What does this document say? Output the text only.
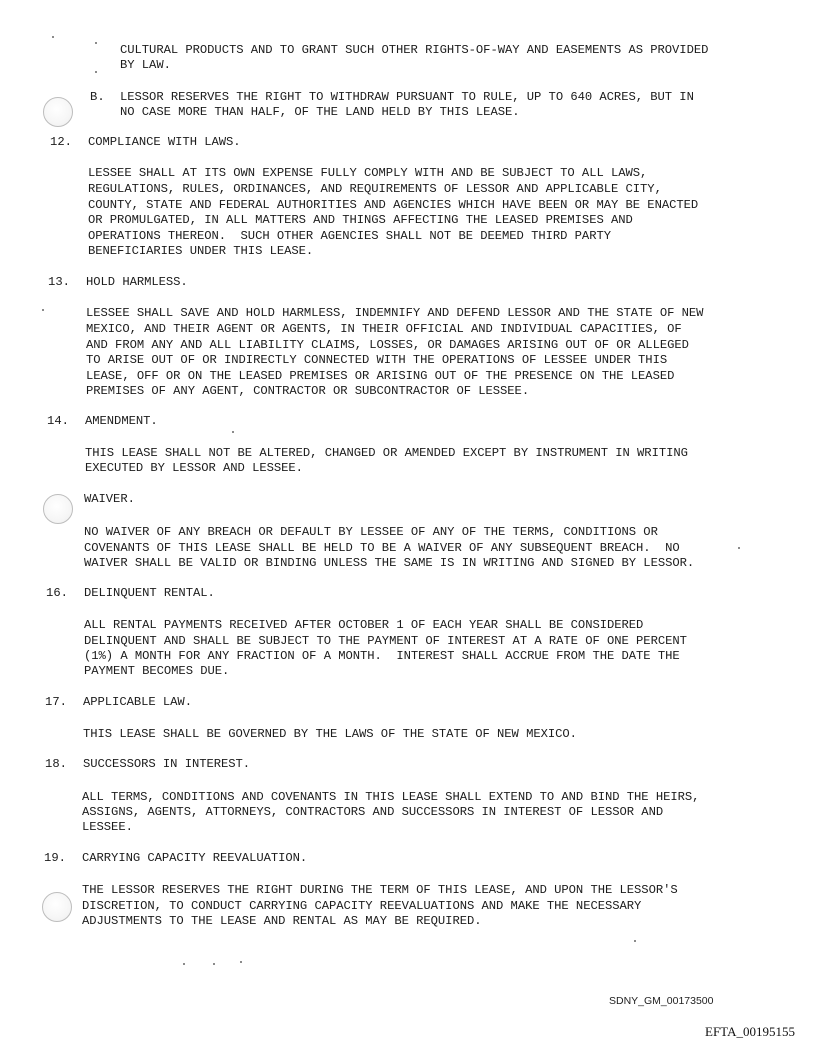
CULTURAL PRODUCTS AND TO GRANT SUCH OTHER RIGHTS-OF-WAY AND EASEMENTS AS PROVIDED
BY LAW.
B. LESSOR RESERVES THE RIGHT TO WITHDRAW PURSUANT TO RULE, UP TO 640 ACRES, BUT IN
NO CASE MORE THAN HALF, OF THE LAND HELD BY THIS LEASE.
12. COMPLIANCE WITH LAWS.
LESSEE SHALL AT ITS OWN EXPENSE FULLY COMPLY WITH AND BE SUBJECT TO ALL LAWS,
REGULATIONS, RULES, ORDINANCES, AND REQUIREMENTS OF LESSOR AND APPLICABLE CITY,
COUNTY, STATE AND FEDERAL AUTHORITIES AND AGENCIES WHICH HAVE BEEN OR MAY BE ENACTED
OR PROMULGATED, IN ALL MATTERS AND THINGS AFFECTING THE LEASED PREMISES AND
OPERATIONS THEREON.  SUCH OTHER AGENCIES SHALL NOT BE DEEMED THIRD PARTY
BENEFICIARIES UNDER THIS LEASE.
13. HOLD HARMLESS.
LESSEE SHALL SAVE AND HOLD HARMLESS, INDEMNIFY AND DEFEND LESSOR AND THE STATE OF NEW
MEXICO, AND THEIR AGENT OR AGENTS, IN THEIR OFFICIAL AND INDIVIDUAL CAPACITIES, OF
AND FROM ANY AND ALL LIABILITY CLAIMS, LOSSES, OR DAMAGES ARISING OUT OF OR ALLEGED
TO ARISE OUT OF OR INDIRECTLY CONNECTED WITH THE OPERATIONS OF LESSEE UNDER THIS
LEASE, OFF OR ON THE LEASED PREMISES OR ARISING OUT OF THE PRESENCE ON THE LEASED
PREMISES OF ANY AGENT, CONTRACTOR OR SUBCONTRACTOR OF LESSEE.
14. AMENDMENT.
THIS LEASE SHALL NOT BE ALTERED, CHANGED OR AMENDED EXCEPT BY INSTRUMENT IN WRITING
EXECUTED BY LESSOR AND LESSEE.
WAIVER.
NO WAIVER OF ANY BREACH OR DEFAULT BY LESSEE OF ANY OF THE TERMS, CONDITIONS OR
COVENANTS OF THIS LEASE SHALL BE HELD TO BE A WAIVER OF ANY SUBSEQUENT BREACH.  NO
WAIVER SHALL BE VALID OR BINDING UNLESS THE SAME IS IN WRITING AND SIGNED BY LESSOR.
16. DELINQUENT RENTAL.
ALL RENTAL PAYMENTS RECEIVED AFTER OCTOBER 1 OF EACH YEAR SHALL BE CONSIDERED
DELINQUENT AND SHALL BE SUBJECT TO THE PAYMENT OF INTEREST AT A RATE OF ONE PERCENT
(1%) A MONTH FOR ANY FRACTION OF A MONTH.  INTEREST SHALL ACCRUE FROM THE DATE THE
PAYMENT BECOMES DUE.
17. APPLICABLE LAW.
THIS LEASE SHALL BE GOVERNED BY THE LAWS OF THE STATE OF NEW MEXICO.
18. SUCCESSORS IN INTEREST.
ALL TERMS, CONDITIONS AND COVENANTS IN THIS LEASE SHALL EXTEND TO AND BIND THE HEIRS,
ASSIGNS, AGENTS, ATTORNEYS, CONTRACTORS AND SUCCESSORS IN INTEREST OF LESSOR AND
LESSEE.
19. CARRYING CAPACITY REEVALUATION.
THE LESSOR RESERVES THE RIGHT DURING THE TERM OF THIS LEASE, AND UPON THE LESSOR'S
DISCRETION, TO CONDUCT CARRYING CAPACITY REEVALUATIONS AND MAKE THE NECESSARY
ADJUSTMENTS TO THE LEASE AND RENTAL AS MAY BE REQUIRED.
SDNY_GM_00173500
EFTA_00195155
